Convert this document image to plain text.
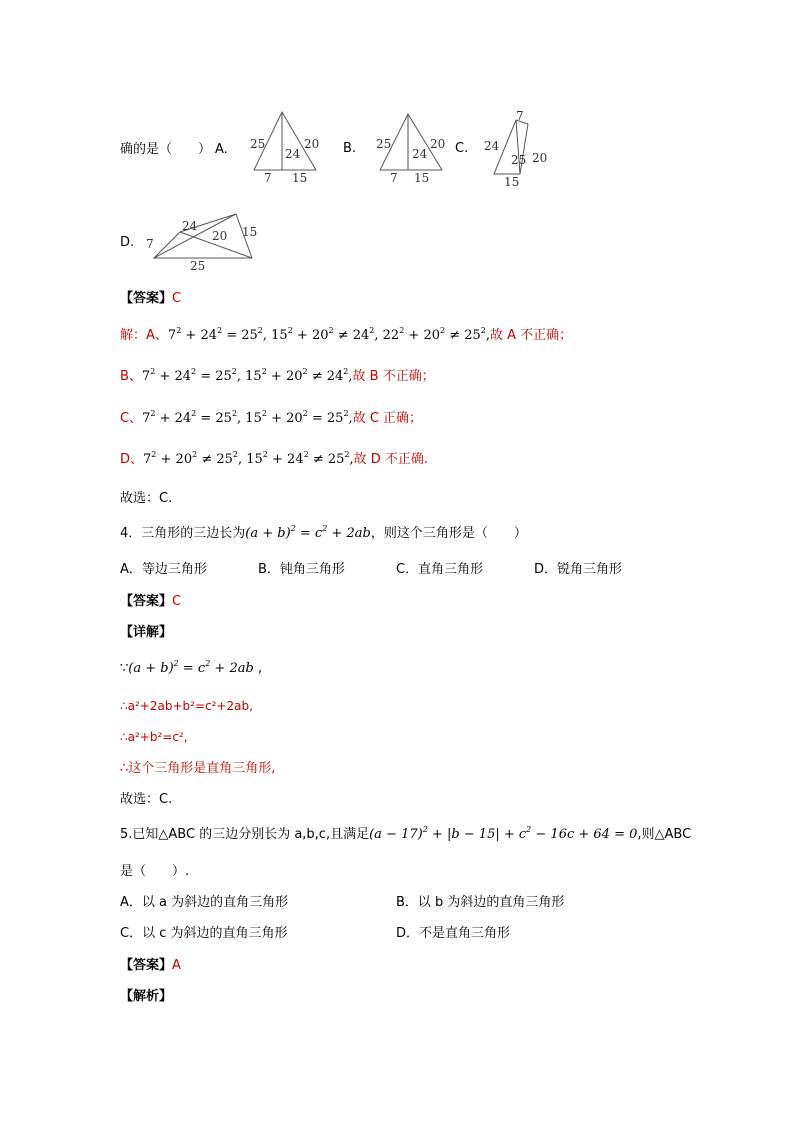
确的是（　　） A. 25	20
24
7 15
B. 25	20
24
7 15
C.
7
24
25 20
15
D. 7
24
20 15
25
【答案】C
解：A、$7^2 + 24^2 = 25^2$, $15^2 + 20^2 \ne 24^2$, $22^2 + 20^2 \ne 25^2$,故 A 不正确；
B、$7^2 + 24^2 = 25^2$, $15^2 + 20^2 \ne 24^2$,故 B 不正确；
C、$7^2 + 24^2 = 25^2$, $15^2 + 20^2 = 25^2$,故 C 正确；
D、$7^2 + 20^2 \ne 25^2$, $15^2 + 24^2 \ne 25^2$,故 D 不正确.
故选：C.
4．三角形的三边长为$(a + b)^2 = c^2 + 2ab$，则这个三角形是（　　）
A．等边三角形	B．钝角三角形	C．直角三角形	D．锐角三角形
【答案】C
【详解】
∵(a + $b)^2 = c^2 + 2ab$ ,
∴a²+2ab+b²=c²+2ab,
∴a²+b²=c²,
∴这个三角形是直角三角形,
故选：C.
5.已知△ABC 的三边分别长为 a,b,c,且满足$(a - 17)^2 + |b - 15| + c^2 - 16c + 64 = 0$,则△ABC
是（　　）.
A．以 a 为斜边的直角三角形	B．以 b 为斜边的直角三角形
C．以 c 为斜边的直角三角形	D．不是直角三角形
【答案】A
【解析】
